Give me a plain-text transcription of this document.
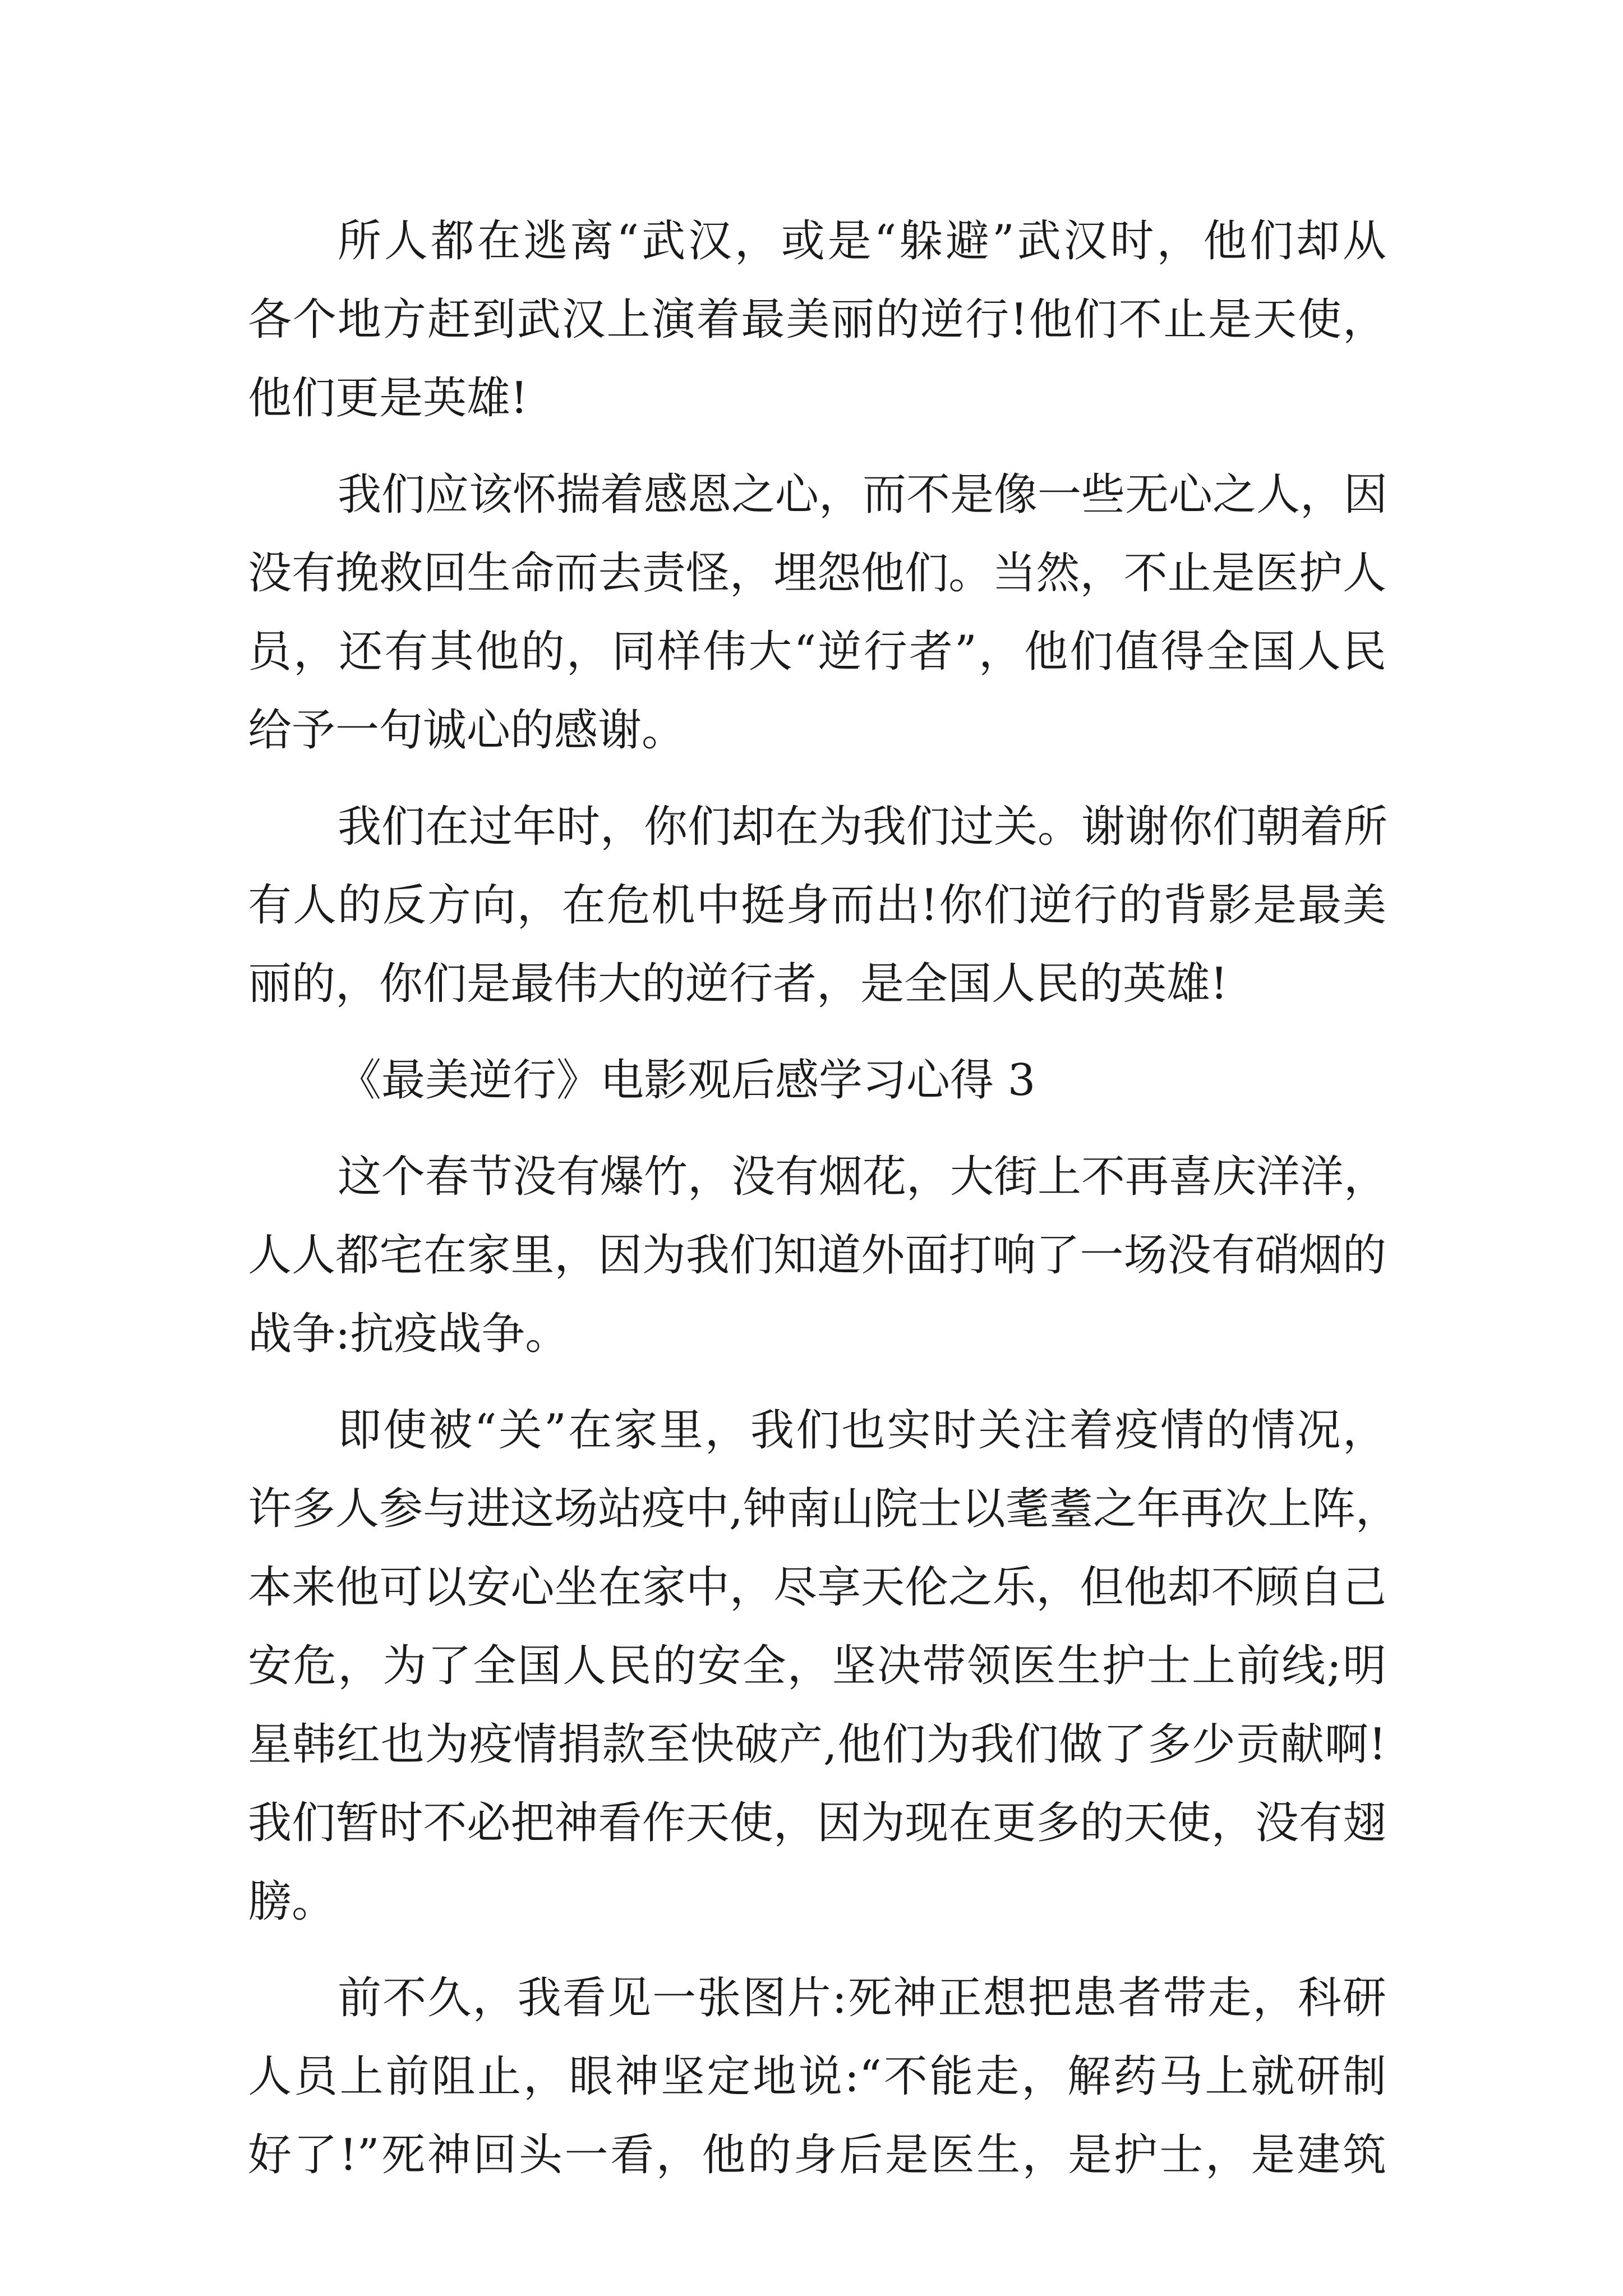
所人都在逃离“武汉，或是“躲避”武汉时，他们却从
各个地方赶到武汉上演着最美丽的逆行!他们不止是天使，
他们更是英雄!
我们应该怀揣着感恩之心，而不是像一些无心之人，因
没有挽救回生命而去责怪，埋怨他们。当然，不止是医护人
员，还有其他的，同样伟大“逆行者”，他们值得全国人民
给予一句诚心的感谢。
我们在过年时，你们却在为我们过关。谢谢你们朝着所
有人的反方向，在危机中挺身而出!你们逆行的背影是最美
丽的，你们是最伟大的逆行者，是全国人民的英雄!
《最美逆行》电影观后感学习心得 3
这个春节没有爆竹，没有烟花，大街上不再喜庆洋洋，
人人都宅在家里，因为我们知道外面打响了一场没有硝烟的
战争:抗疫战争。
即使被“关”在家里，我们也实时关注着疫情的情况，
许多人参与进这场站疫中,钟南山院士以耄耋之年再次上阵，
本来他可以安心坐在家中，尽享天伦之乐，但他却不顾自己
安危，为了全国人民的安全，坚决带领医生护士上前线;明
星韩红也为疫情捐款至快破产,他们为我们做了多少贡献啊!
我们暂时不必把神看作天使，因为现在更多的天使，没有翅
膀。
前不久，我看见一张图片:死神正想把患者带走，科研
人员上前阻止，眼神坚定地说:“不能走，解药马上就研制
好了!”死神回头一看，他的身后是医生，是护士，是建筑
